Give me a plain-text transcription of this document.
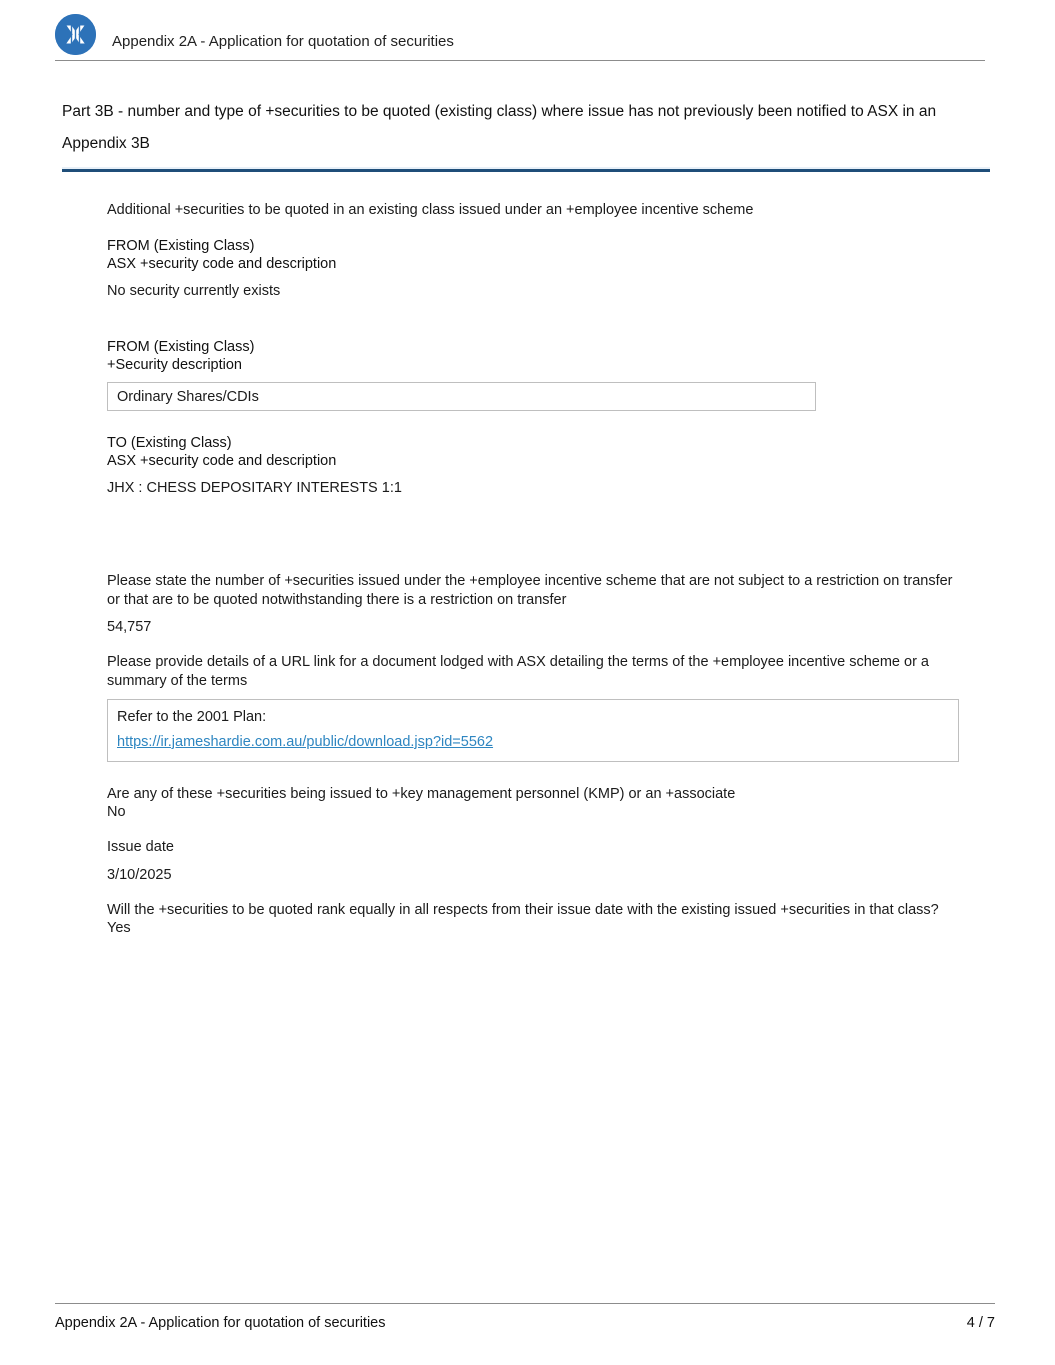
X Appendix 2A - Application for quotation of securities
Part 3B - number and type of +securities to be quoted (existing class) where issue has not previously been notified to ASX in an Appendix 3B
Additional +securities to be quoted in an existing class issued under an +employee incentive scheme
FROM (Existing Class)
ASX +security code and description
No security currently exists
FROM (Existing Class)
+Security description
Ordinary Shares/CDIs
TO (Existing Class)
ASX +security code and description
JHX : CHESS DEPOSITARY INTERESTS 1:1
Please state the number of +securities issued under the +employee incentive scheme that are not subject to a restriction on transfer or that are to be quoted notwithstanding there is a restriction on transfer
54,757
Please provide details of a URL link for a document lodged with ASX detailing the terms of the +employee incentive scheme or a summary of the terms
Refer to the 2001 Plan:
https://ir.jameshardie.com.au/public/download.jsp?id=5562
Are any of these +securities being issued to +key management personnel (KMP) or an +associate
No
Issue date
3/10/2025
Will the +securities to be quoted rank equally in all respects from their issue date with the existing issued +securities in that class?
Yes
Appendix 2A - Application for quotation of securities	4 / 7
